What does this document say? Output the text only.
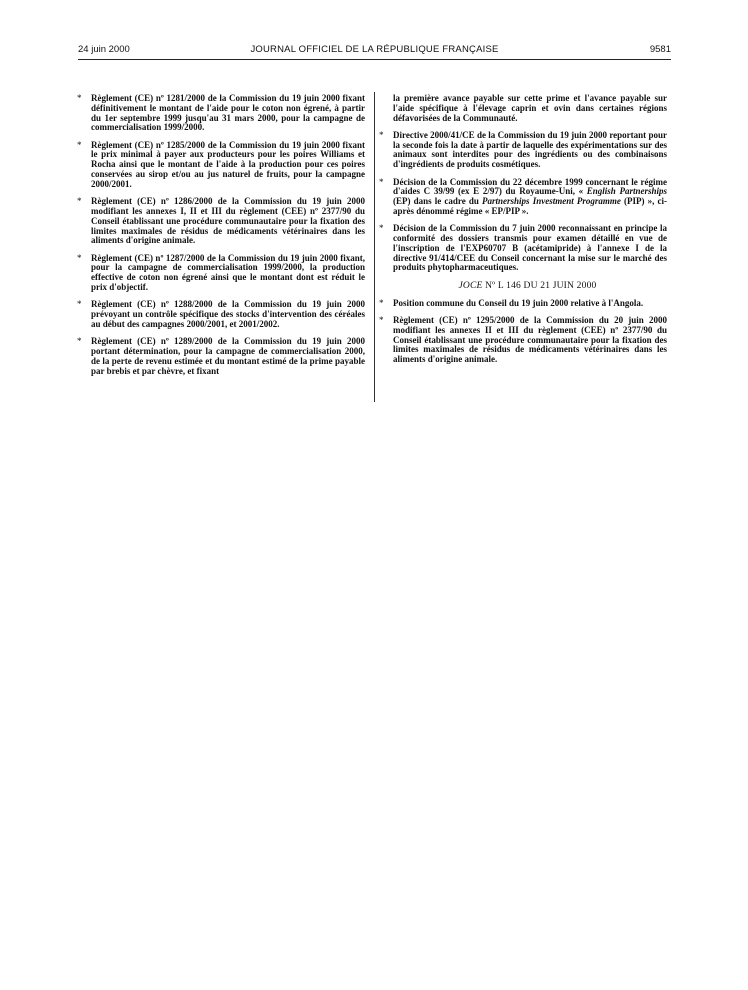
24 juin 2000	JOURNAL OFFICIEL DE LA RÉPUBLIQUE FRANÇAISE	9581
* Règlement (CE) nº 1281/2000 de la Commission du 19 juin 2000 fixant définitivement le montant de l'aide pour le coton non égrené, à partir du 1er septembre 1999 jusqu'au 31 mars 2000, pour la campagne de commercialisation 1999/2000.
* Règlement (CE) nº 1285/2000 de la Commission du 19 juin 2000 fixant le prix minimal à payer aux producteurs pour les poires Williams et Rocha ainsi que le montant de l'aide à la production pour ces poires conservées au sirop et/ou au jus naturel de fruits, pour la campagne 2000/2001.
* Règlement (CE) nº 1286/2000 de la Commission du 19 juin 2000 modifiant les annexes I, II et III du règlement (CEE) nº 2377/90 du Conseil établissant une procédure communautaire pour la fixation des limites maximales de résidus de médicaments vétérinaires dans les aliments d'origine animale.
* Règlement (CE) nº 1287/2000 de la Commission du 19 juin 2000 fixant, pour la campagne de commercialisation 1999/2000, la production effective de coton non égrené ainsi que le montant dont est réduit le prix d'objectif.
* Règlement (CE) nº 1288/2000 de la Commission du 19 juin 2000 prévoyant un contrôle spécifique des stocks d'intervention des céréales au début des campagnes 2000/2001, et 2001/2002.
* Règlement (CE) nº 1289/2000 de la Commission du 19 juin 2000 portant détermination, pour la campagne de commercialisation 2000, de la perte de revenu estimée et du montant estimé de la prime payable par brebis et par chèvre, et fixant
la première avance payable sur cette prime et l'avance payable sur l'aide spécifique à l'élevage caprin et ovin dans certaines régions défavorisées de la Communauté.
* Directive 2000/41/CE de la Commission du 19 juin 2000 reportant pour la seconde fois la date à partir de laquelle des expérimentations sur des animaux sont interdites pour des ingrédients ou des combinaisons d'ingrédients de produits cosmétiques.
* Décision de la Commission du 22 décembre 1999 concernant le régime d'aides C 39/99 (ex E 2/97) du Royaume-Uni, « English Partnerships (EP) dans le cadre du Partnerships Investment Programme (PIP) », ci-après dénommé régime « EP/PIP ».
* Décision de la Commission du 7 juin 2000 reconnaissant en principe la conformité des dossiers transmis pour examen détaillé en vue de l'inscription de l'EXP60707 B (acétamipride) à l'annexe I de la directive 91/414/CEE du Conseil concernant la mise sur le marché des produits phytopharmaceutiques.
JOCE Nº L 146 DU 21 JUIN 2000
* Position commune du Conseil du 19 juin 2000 relative à l'Angola.
* Règlement (CE) nº 1295/2000 de la Commission du 20 juin 2000 modifiant les annexes II et III du règlement (CEE) nº 2377/90 du Conseil établissant une procédure communautaire pour la fixation des limites maximales de résidus de médicaments vétérinaires dans les aliments d'origine animale.
